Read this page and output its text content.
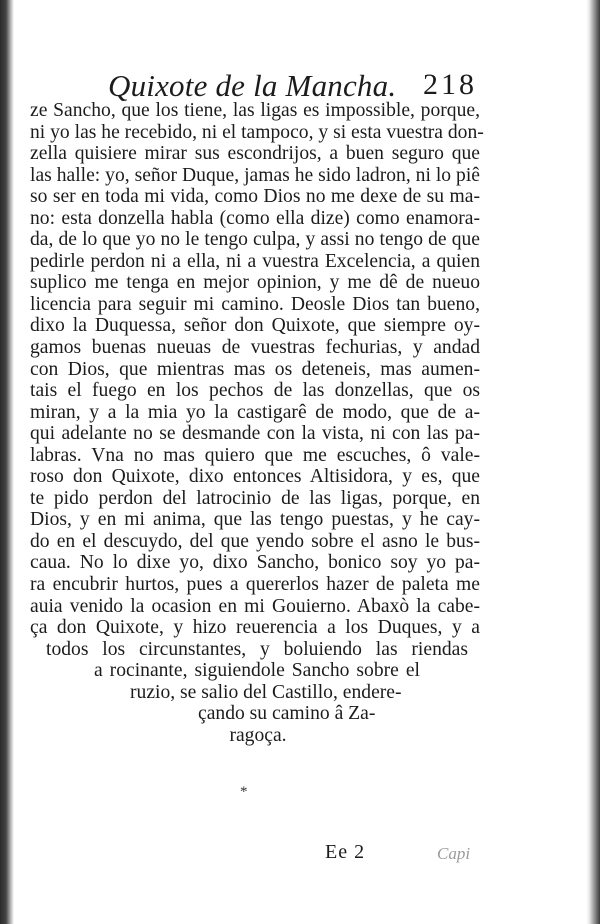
Quixote de la Mancha. 218
ze Sancho, que los tiene, las ligas es impossible, porque,
ni yo las he recebido, ni el tampoco, y si esta vuestra don-
zella quisiere mirar sus escondrijos, a buen seguro que
las halle: yo, señor Duque, jamas he sido ladron, ni lo piê
so ser en toda mi vida, como Dios no me dexe de su ma-
no: esta donzella habla (como ella dize) como enamora-
da, de lo que yo no le tengo culpa, y assi no tengo de que
pedirle perdon ni a ella, ni a vuestra Excelencia, a quien
suplico me tenga en mejor opinion, y me dê de nueuo
licencia para seguir mi camino. Deosle Dios tan bueno,
dixo la Duquessa, señor don Quixote, que siempre oy-
gamos buenas nueuas de vuestras fechurias, y andad
con Dios, que mientras mas os deteneis, mas aumen-
tais el fuego en los pechos de las donzellas, que os
miran, y a la mia yo la castigarê de modo, que de a-
qui adelante no se desmande con la vista, ni con las pa-
labras. Vna no mas quiero que me escuches, ô vale-
roso don Quixote, dixo entonces Altisidora, y es, que
te pido perdon del latrocinio de las ligas, porque, en
Dios, y en mi anima, que las tengo puestas, y he cay-
do en el descuydo, del que yendo sobre el asno le bus-
caua. No lo dixe yo, dixo Sancho, bonico soy yo pa-
ra encubrir hurtos, pues a quererlos hazer de paleta me
auia venido la ocasion en mi Gouierno. Abaxò la cabe-
ça don Quixote, y hizo reuerencia a los Duques, y a
todos los circunstantes, y boluiendo las riendas
a rocinante, siguiendole Sancho sobre el
ruzio, se salio del Castillo, endere-
çando su camino â Za-
ragoça.
*
Ee 2	Capi
